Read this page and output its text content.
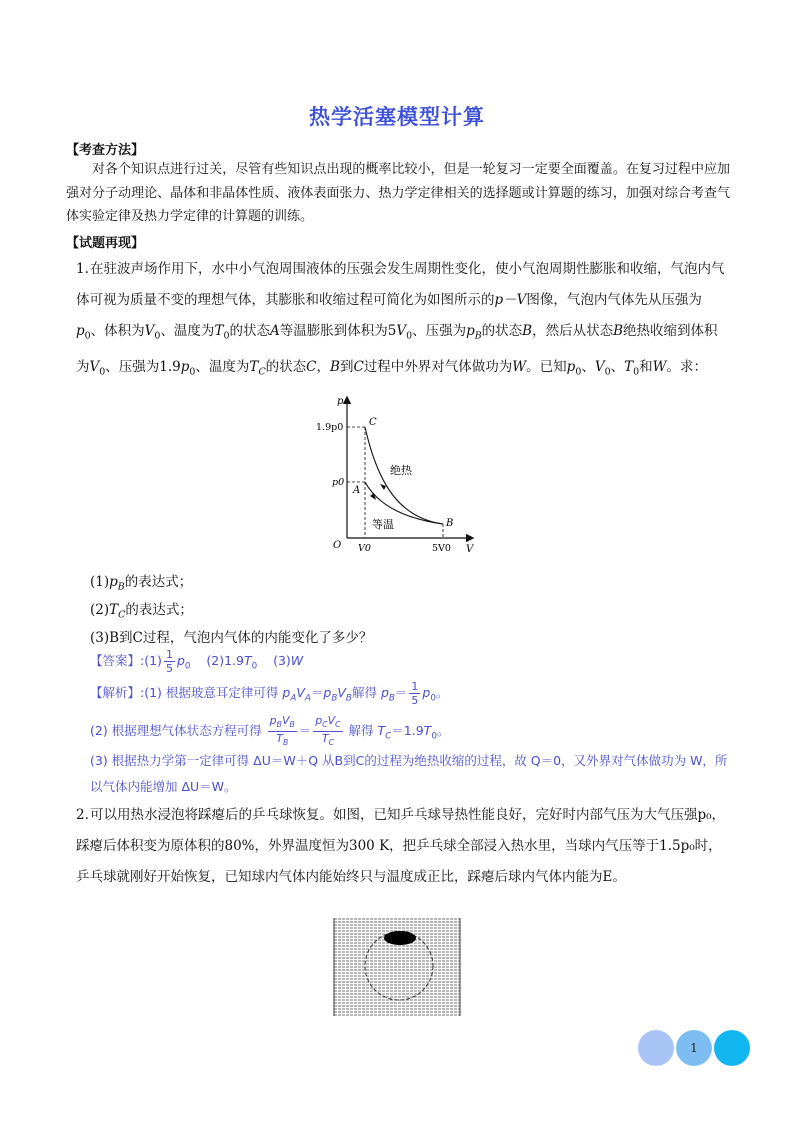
热学活塞模型计算
【考查方法】
对各个知识点进行过关，尽管有些知识点出现的概率比较小，但是一轮复习一定要全面覆盖。在复习过程中应加强对分子动理论、晶体和非晶体性质、液体表面张力、热力学定律相关的选择题或计算题的练习，加强对综合考查气体实验定律及热力学定律的计算题的训练。
【试题再现】
1.在驻波声场作用下，水中小气泡周围液体的压强会发生周期性变化，使小气泡周期性膨胀和收缩，气泡内气体可视为质量不变的理想气体，其膨胀和收缩过程可简化为如图所示的p－V图像，气泡内气体先从压强为$p_0$、体积为$V_0$、温度为$T_0$的状态A等温膨胀到体积为$5V_0$、压强为$p_B$的状态B，然后从状态B绝热收缩到体积为$V_0$、压强为$1.9p_0$、温度为$T_C$的状态C，B到C过程中外界对气体做功为W。已知$p_0$、$V_0$、$T_0$和W。求：
p
V
O
1.9p0
p0
V0	5V0
C
A
B
绝热
等温
$(1)p_B$的表达式；
$(2)T_C$的表达式；
(3)B到C过程，气泡内气体的内能变化了多少？
【答案】:(1) $\frac{1}{5} p_0$ $(2)1.9T_0$ (3)W
【解析】:(1) 根据玻意耳定律可得 $p_AV_A=p_BV_B$解得 $p_B= \frac{1}{5} p_0$。
(2) 根据理想气体状态方程可得 $\frac{p_BV_B}{T_B} = \frac{p_CV_C}{T_C}$ 解得 $T_C=1.9T_0$。
(3) 根据热力学第一定律可得 ΔU＝W＋Q 从B到C的过程为绝热收缩的过程，故 Q＝0，又外界对气体做功为 W，所以气体内能增加 ΔU＝W。
2.可以用热水浸泡将踩瘪后的乒乓球恢复。如图，已知乒乓球导热性能良好，完好时内部气压为大气压强p₀，踩瘪后体积变为原体积的80%，外界温度恒为300 K，把乒乓球全部浸入热水里，当球内气压等于1.5p₀时，乒乓球就刚好开始恢复，已知球内气体内能始终只与温度成正比，踩瘪后球内气体内能为E。
1
